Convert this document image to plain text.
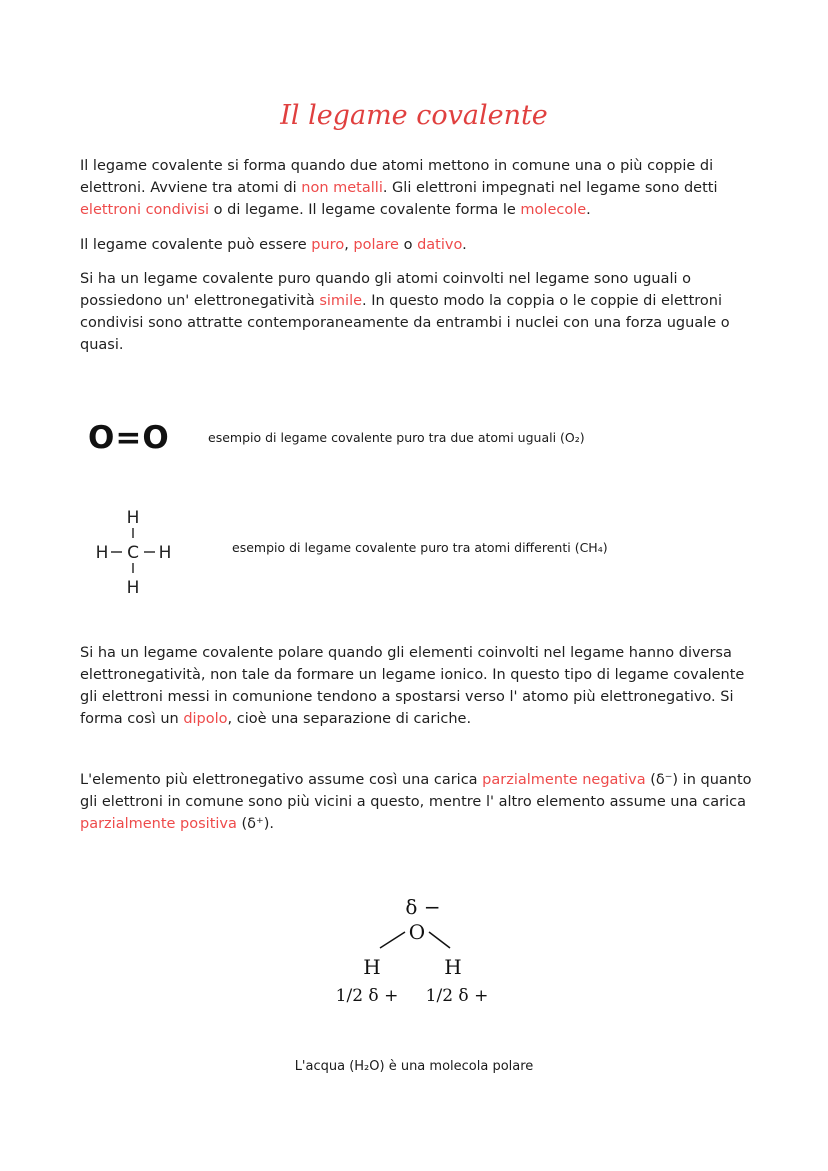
Il legame covalente

Il legame covalente si forma quando due atomi mettono in comune una o più coppie di elettroni. Avviene tra atomi di non metalli. Gli elettroni impegnati nel legame sono detti elettroni condivisi o di legame. Il legame covalente forma le molecole.

Il legame covalente può essere puro, polare o dativo.

Si ha un legame covalente puro quando gli atomi coinvolti nel legame sono uguali o possiedono un' elettronegatività simile. In questo modo la coppia o le coppie di elettroni condivisi sono attratte contemporaneamente da entrambi i nuclei con una forza uguale o quasi.

O=O	esempio di legame covalente puro tra due atomi uguali (O₂)
H
H C H
H
esempio di legame covalente puro tra atomi differenti (CH₄)

Si ha un legame covalente polare quando gli elementi coinvolti nel legame hanno diversa elettronegatività, non tale da formare un legame ionico. In questo tipo di legame covalente gli elettroni messi in comunione tendono a spostarsi verso l' atomo più elettronegativo. Si forma così un dipolo, cioè una separazione di cariche.

L'elemento più elettronegativo assume così una carica parzialmente negativa (δ⁻) in quanto gli elettroni in comune sono più vicini a questo, mentre l' altro elemento assume una carica parzialmente positiva (δ⁺).

δ −
O
H	H
1/2 δ + 1/2 δ +
L'acqua (H₂O) è una molecola polare
